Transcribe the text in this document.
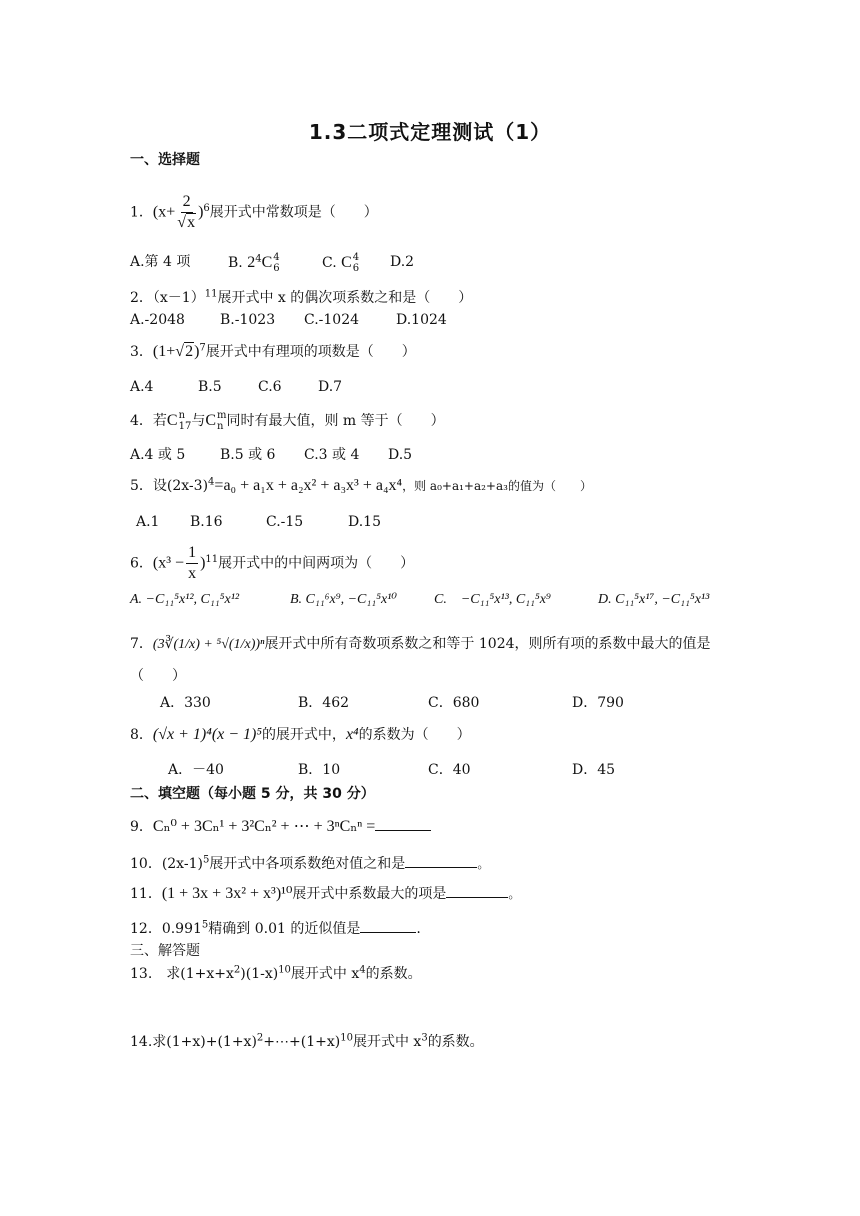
1.3二项式定理测试（1）
一、选择题
1．$(x+ \frac{2}{√x} )^6$展开式中常数项是（　　）
A.第 4 项	B. $2^4C$ 4
6	C. C 4
6 D.2
2．$(x-1)^{11}$展开式中 x 的偶次项系数之和是（　　）
A.-2048	B.-1023 C.-1024	D.1024
3．$(1+√2)^7$展开式中有理项的项数是（　　）
A.4	B.5	C.6	D.7
4．若C n
17 与C m
n 同时有最大值，则 m 等于（　　）
A.4 或 5 B.5 或 6 C.3 或 4 D.5
5．设$(2x-3)^4=a_0 + a_1x + a_2x^2 + a_3x^3 + a_4x^4$，则 a₀+a₁+a₂+a₃的值为（　　）
A.1 B.16	C.-15	D.15
6．$(x^3 - \frac{1}{x} )^{11}$展开式中的中间两项为（　　）
A. −C₁₁⁵x¹², C₁₁⁵x¹²	B. C₁₁⁶x⁹, −C₁₁⁵x¹⁰	C.　−C₁₁⁵x¹³, C₁₁⁵x⁹	D. C₁₁⁵x¹⁷, −C₁₁⁵x¹³
7．(3∛(1/x) + ⁵√(1/x))ⁿ展开式中所有奇数项系数之和等于 1024，则所有项的系数中最大的值是
（　　）
A．330	B．462	C．680	D．790
8．(√x + 1)⁴(x − 1)⁵的展开式中，x⁴的系数为（　　）
A．－40	B．10	C．40	D．45
二、填空题（每小题 5 分，共 30 分）
9．Cₙ⁰ + 3Cₙ¹ + 3²Cₙ² + ⋯ + 3ⁿCₙⁿ =
10．$(2x-1)^5$展开式中各项系数绝对值之和是	。
11．(1 + 3x + 3x² + x³)¹⁰展开式中系数最大的项是	。
12．0.991$^5$精确到 0.01 的近似值是	.
三、解答题
13.　求$(1+x+x^2)(1-x)^{10}$展开式中 $x^4$的系数。
14.求$(1+x)+(1+x)^2+\cdots+(1+x)^{10}$展开式中 $x^3$的系数。
